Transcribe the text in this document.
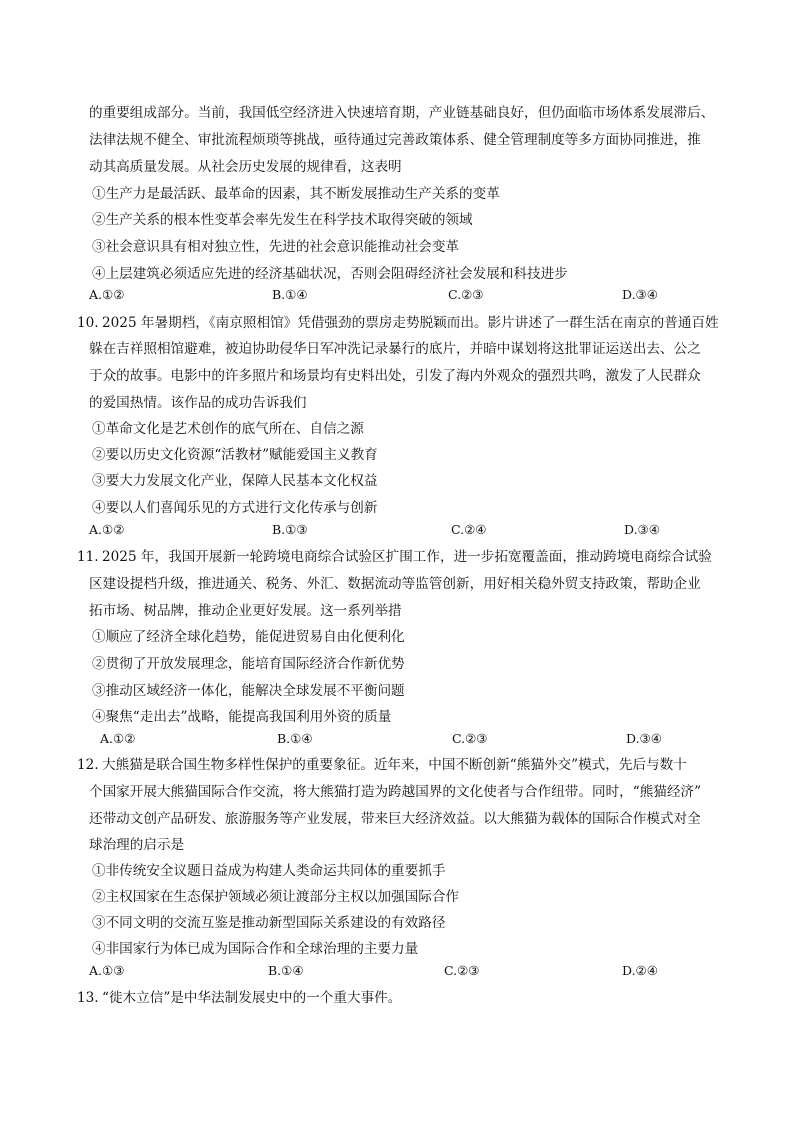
的重要组成部分。当前，我国低空经济进入快速培育期，产业链基础良好，但仍面临市场体系发展滞后、
法律法规不健全、审批流程烦琐等挑战，亟待通过完善政策体系、健全管理制度等多方面协同推进，推
动其高质量发展。从社会历史发展的规律看，这表明
①生产力是最活跃、最革命的因素，其不断发展推动生产关系的变革
②生产关系的根本性变革会率先发生在科学技术取得突破的领域
③社会意识具有相对独立性，先进的社会意识能推动社会变革
④上层建筑必须适应先进的经济基础状况，否则会阻碍经济社会发展和科技进步
A.①②	B.①④	C.②③	D.③④
10. 2025 年暑期档，《南京照相馆》凭借强劲的票房走势脱颖而出。影片讲述了一群生活在南京的普通百姓
躲在吉祥照相馆避难，被迫协助侵华日军冲洗记录暴行的底片，并暗中谋划将这批罪证运送出去、公之
于众的故事。电影中的许多照片和场景均有史料出处，引发了海内外观众的强烈共鸣，激发了人民群众
的爱国热情。该作品的成功告诉我们
①革命文化是艺术创作的底气所在、自信之源
②要以历史文化资源“活教材”赋能爱国主义教育
③要大力发展文化产业，保障人民基本文化权益
④要以人们喜闻乐见的方式进行文化传承与创新
A.①②	B.①③	C.②④	D.③④
11. 2025 年，我国开展新一轮跨境电商综合试验区扩围工作，进一步拓宽覆盖面，推动跨境电商综合试验
区建设提档升级，推进通关、税务、外汇、数据流动等监管创新，用好相关稳外贸支持政策，帮助企业
拓市场、树品牌，推动企业更好发展。这一系列举措
①顺应了经济全球化趋势，能促进贸易自由化便利化
②贯彻了开放发展理念，能培育国际经济合作新优势
③推动区域经济一体化，能解决全球发展不平衡问题
④聚焦“走出去”战略，能提高我国利用外资的质量
A.①②	B.①④	C.②③	D.③④
12. 大熊猫是联合国生物多样性保护的重要象征。近年来，中国不断创新“熊猫外交”模式，先后与数十
个国家开展大熊猫国际合作交流，将大熊猫打造为跨越国界的文化使者与合作纽带。同时，“熊猫经济”
还带动文创产品研发、旅游服务等产业发展，带来巨大经济效益。以大熊猫为载体的国际合作模式对全
球治理的启示是
①非传统安全议题日益成为构建人类命运共同体的重要抓手
②主权国家在生态保护领域必须让渡部分主权以加强国际合作
③不同文明的交流互鉴是推动新型国际关系建设的有效路径
④非国家行为体已成为国际合作和全球治理的主要力量
A.①③	B.①④	C.②③	D.②④
13. “徙木立信”是中华法制发展史中的一个重大事件。
